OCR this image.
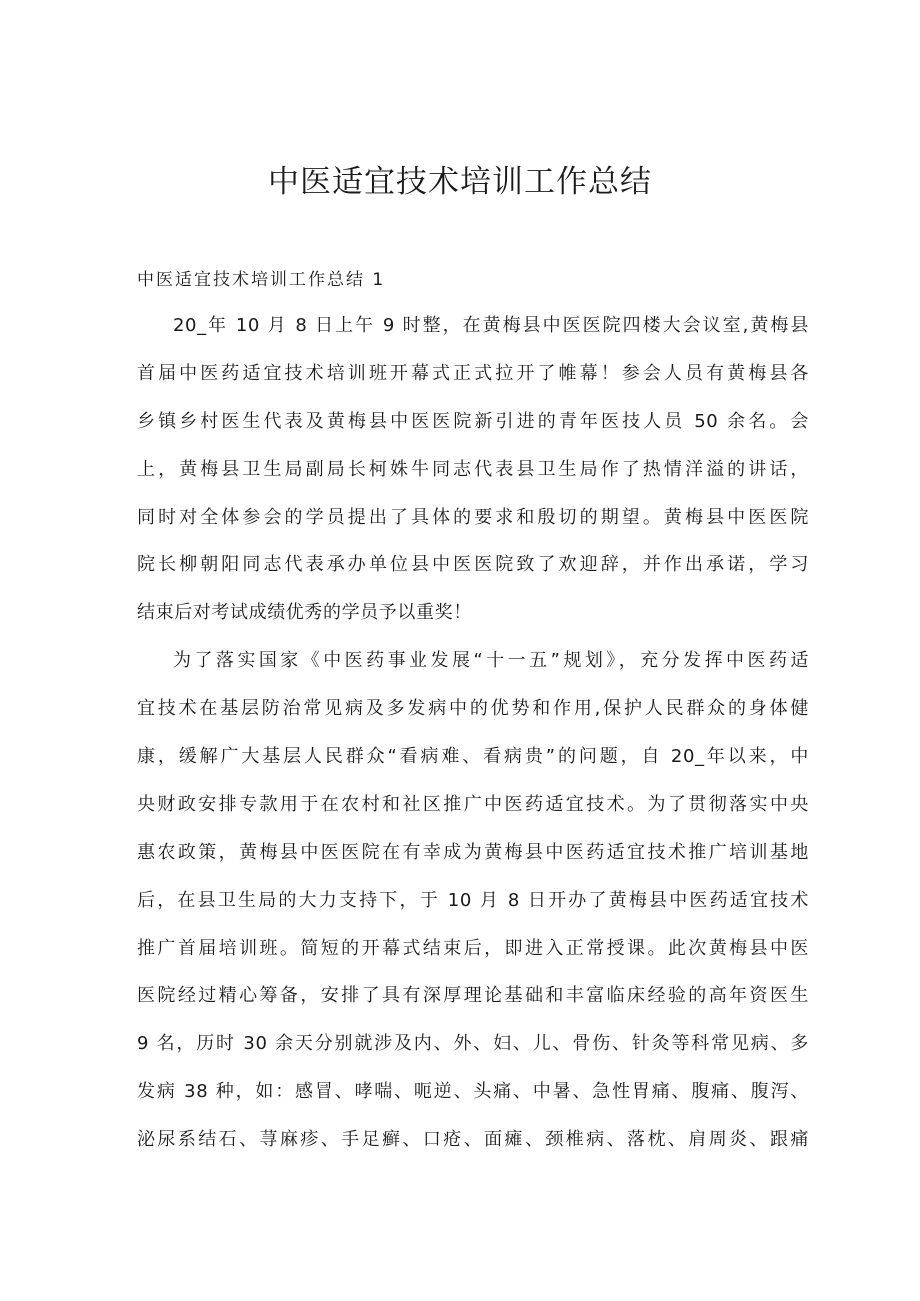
中医适宜技术培训工作总结

中医适宜技术培训工作总结 1

20_年 10 月 8 日上午 9 时整，在黄梅县中医医院四楼大会议室,黄梅县
首届中医药适宜技术培训班开幕式正式拉开了帷幕！参会人员有黄梅县各
乡镇乡村医生代表及黄梅县中医医院新引进的青年医技人员 50 余名。会
上，黄梅县卫生局副局长柯姝牛同志代表县卫生局作了热情洋溢的讲话，
同时对全体参会的学员提出了具体的要求和殷切的期望。黄梅县中医医院
院长柳朝阳同志代表承办单位县中医医院致了欢迎辞，并作出承诺，学习
结束后对考试成绩优秀的学员予以重奖！
为了落实国家《中医药事业发展“十一五”规划》，充分发挥中医药适
宜技术在基层防治常见病及多发病中的优势和作用,保护人民群众的身体健
康，缓解广大基层人民群众“看病难、看病贵”的问题，自 20_年以来，中
央财政安排专款用于在农村和社区推广中医药适宜技术。为了贯彻落实中央
惠农政策，黄梅县中医医院在有幸成为黄梅县中医药适宜技术推广培训基地
后，在县卫生局的大力支持下，于 10 月 8 日开办了黄梅县中医药适宜技术
推广首届培训班。简短的开幕式结束后，即进入正常授课。此次黄梅县中医
医院经过精心筹备，安排了具有深厚理论基础和丰富临床经验的高年资医生
9 名，历时 30 余天分别就涉及内、外、妇、儿、骨伤、针灸等科常见病、多
发病 38 种，如：感冒、哮喘、呃逆、头痛、中暑、急性胃痛、腹痛、腹泻、
泌尿系结石、荨麻疹、手足癣、口疮、面瘫、颈椎病、落枕、肩周炎、跟痛
